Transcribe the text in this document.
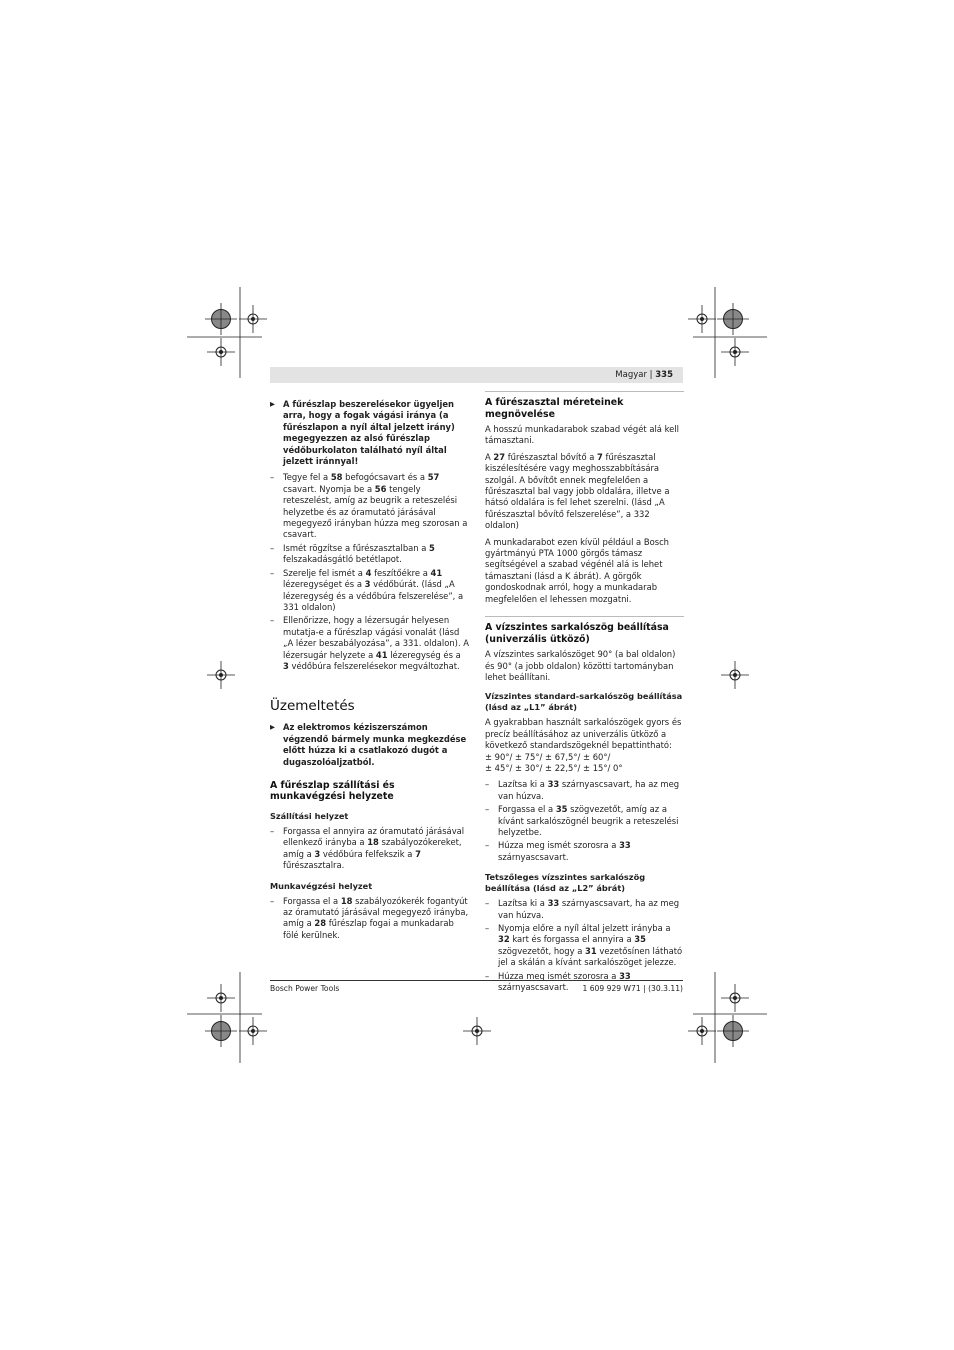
Magyar | 335
▶ A fűrészlap beszerelésekor ügyeljen arra, hogy a fogak vágási iránya (a fűrészlapon a nyíl által jelzett irány) megegyezzen az alsó fűrészlap védőburkolaton található nyíl által jelzett iránnyal!
– Tegye fel a 58 befogócsavart és a 57 csavart. Nyomja be a 56 tengely reteszelést, amíg az beugrik a reteszelési helyzetbe és az óramutató járásával megegyező irányban húzza meg szorosan a csavart.
– Ismét rögzítse a fűrészasztalban a 5 felszakadásgátló betétlapot.
– Szerelje fel ismét a 4 feszítőékre a 41 lézeregységet és a 3 védőbúrát. (lásd „A lézeregység és a védőbúra felszerelése”, a 331 oldalon)
– Ellenőrizze, hogy a lézersugár helyesen mutatja-e a fűrészlap vágási vonalát (lásd „A lézer beszabályozása”, a 331. oldalon). A lézersugár helyzete a 41 lézeregység és a 3 védőbúra felszerelésekor megváltozhat.
Üzemeltetés
▶ Az elektromos kéziszerszámon végzendő bármely munka megkezdése előtt húzza ki a csatlakozó dugót a dugaszolóaljzatból.
A fűrészlap szállítási és munkavégzési helyzete
Szállítási helyzet
– Forgassa el annyira az óramutató járásával ellenkező irányba a 18 szabályozókereket, amíg a 3 védőbúra felfekszik a 7 fűrészasztalra.
Munkavégzési helyzet
– Forgassa el a 18 szabályozókerék fogantyút az óramutató járásával megegyező irányba, amíg a 28 fűrészlap fogai a munkadarab fölé kerülnek.
A fűrészasztal méreteinek megnövelése

A hosszú munkadarabok szabad végét alá kell támasztani.

A 27 fűrészasztal bővítő a 7 fűrészasztal kiszélesítésére vagy meghosszabbítására szolgál. A bővítőt ennek megfelelően a fűrészasztal bal vagy jobb oldalára, illetve a hátsó oldalára is fel lehet szerelni. (lásd „A fűrészasztal bővítő felszerelése”, a 332 oldalon)

A munkadarabot ezen kívül például a Bosch gyártmányú PTA 1000 görgős támasz segítségével a szabad végénél alá is lehet támasztani (lásd a K ábrát). A görgők gondoskodnak arról, hogy a munkadarab megfelelően el lehessen mozgatni.

A vízszintes sarkalószög beállítása (univerzális ütköző)

A vízszintes sarkalószöget 90° (a bal oldalon) és 90° (a jobb oldalon) közötti tartományban lehet beállítani.

Vízszintes standard-sarkalószög beállítása (lásd az „L1” ábrát)

A gyakrabban használt sarkalószögek gyors és precíz beállításához az univerzális ütköző a következő standardszögeknél bepattintható:

± 90°/ ± 75°/ ± 67,5°/ ± 60°/
± 45°/ ± 30°/ ± 22,5°/ ± 15°/ 0°
– Lazítsa ki a 33 szárnyascsavart, ha az meg van húzva.
– Forgassa el a 35 szögvezetőt, amíg az a kívánt sarkalószögnél beugrik a reteszelési helyzetbe.
– Húzza meg ismét szorosra a 33 szárnyascsavart.
Tetszőleges vízszintes sarkalószög beállítása (lásd az „L2” ábrát)
– Lazítsa ki a 33 szárnyascsavart, ha az meg van húzva.
– Nyomja előre a nyíl által jelzett irányba a 32 kart és forgassa el annyira a 35 szögvezetőt, hogy a 31 vezetősínen látható jel a skálán a kívánt sarkalószöget jelezze.
– Húzza meg ismét szorosra a 33 szárnyascsavart.
Bosch Power Tools	1 609 929 W71 | (30.3.11)
